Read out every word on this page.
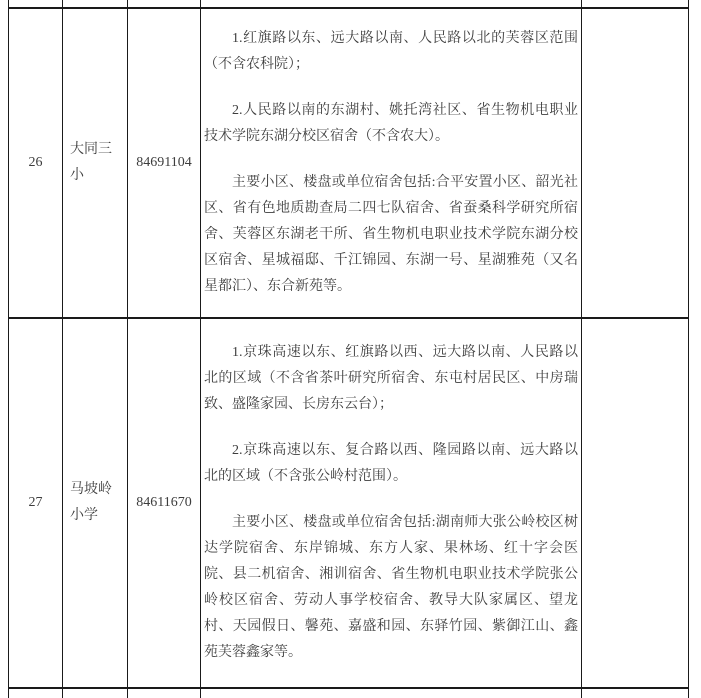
26	大同三小	84691104	1.红旗路以东、远大路以南、人民路以北的芙蓉区范围（不含农科院）；

2.人民路以南的东湖村、姚托湾社区、省生物机电职业技术学院东湖分校区宿舍（不含农大）。

主要小区、楼盘或单位宿舍包括:合平安置小区、韶光社区、省有色地质勘查局二四七队宿舍、省蚕桑科学研究所宿舍、芙蓉区东湖老干所、省生物机电职业技术学院东湖分校区宿舍、星城福邸、千江锦园、东湖一号、星湖雅苑（又名星都汇）、东合新苑等。	

27	马坡岭小学	84611670	1.京珠高速以东、红旗路以西、远大路以南、人民路以北的区域（不含省茶叶研究所宿舍、东屯村居民区、中房瑞致、盛隆家园、长房东云台）；

2.京珠高速以东、复合路以西、隆园路以南、远大路以北的区域（不含张公岭村范围）。

主要小区、楼盘或单位宿舍包括:湖南师大张公岭校区树达学院宿舍、东岸锦城、东方人家、果林场、红十字会医院、县二机宿舍、湘训宿舍、省生物机电职业技术学院张公岭校区宿舍、劳动人事学校宿舍、教导大队家属区、望龙村、天园假日、馨苑、嘉盛和园、东驿竹园、紫御江山、鑫苑芙蓉鑫家等。	
